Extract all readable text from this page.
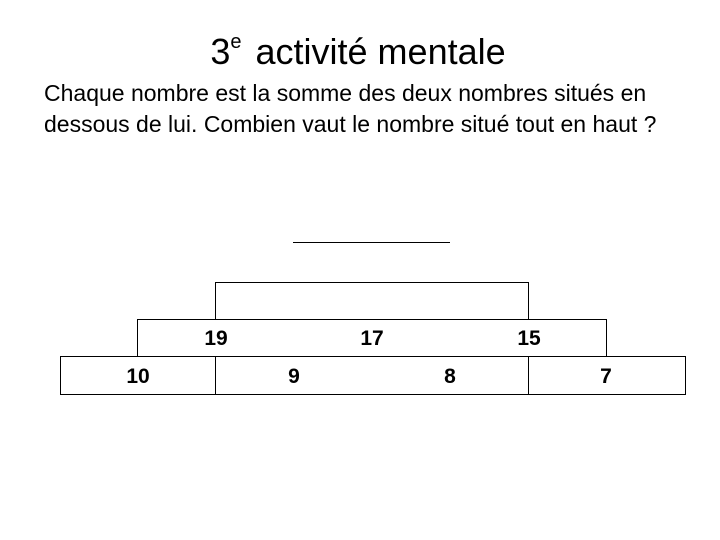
3e activité mentale
Chaque nombre est la somme des deux nombres situés en dessous de lui. Combien vaut le nombre situé tout en haut ?
19	17	15
10	9	8	7
